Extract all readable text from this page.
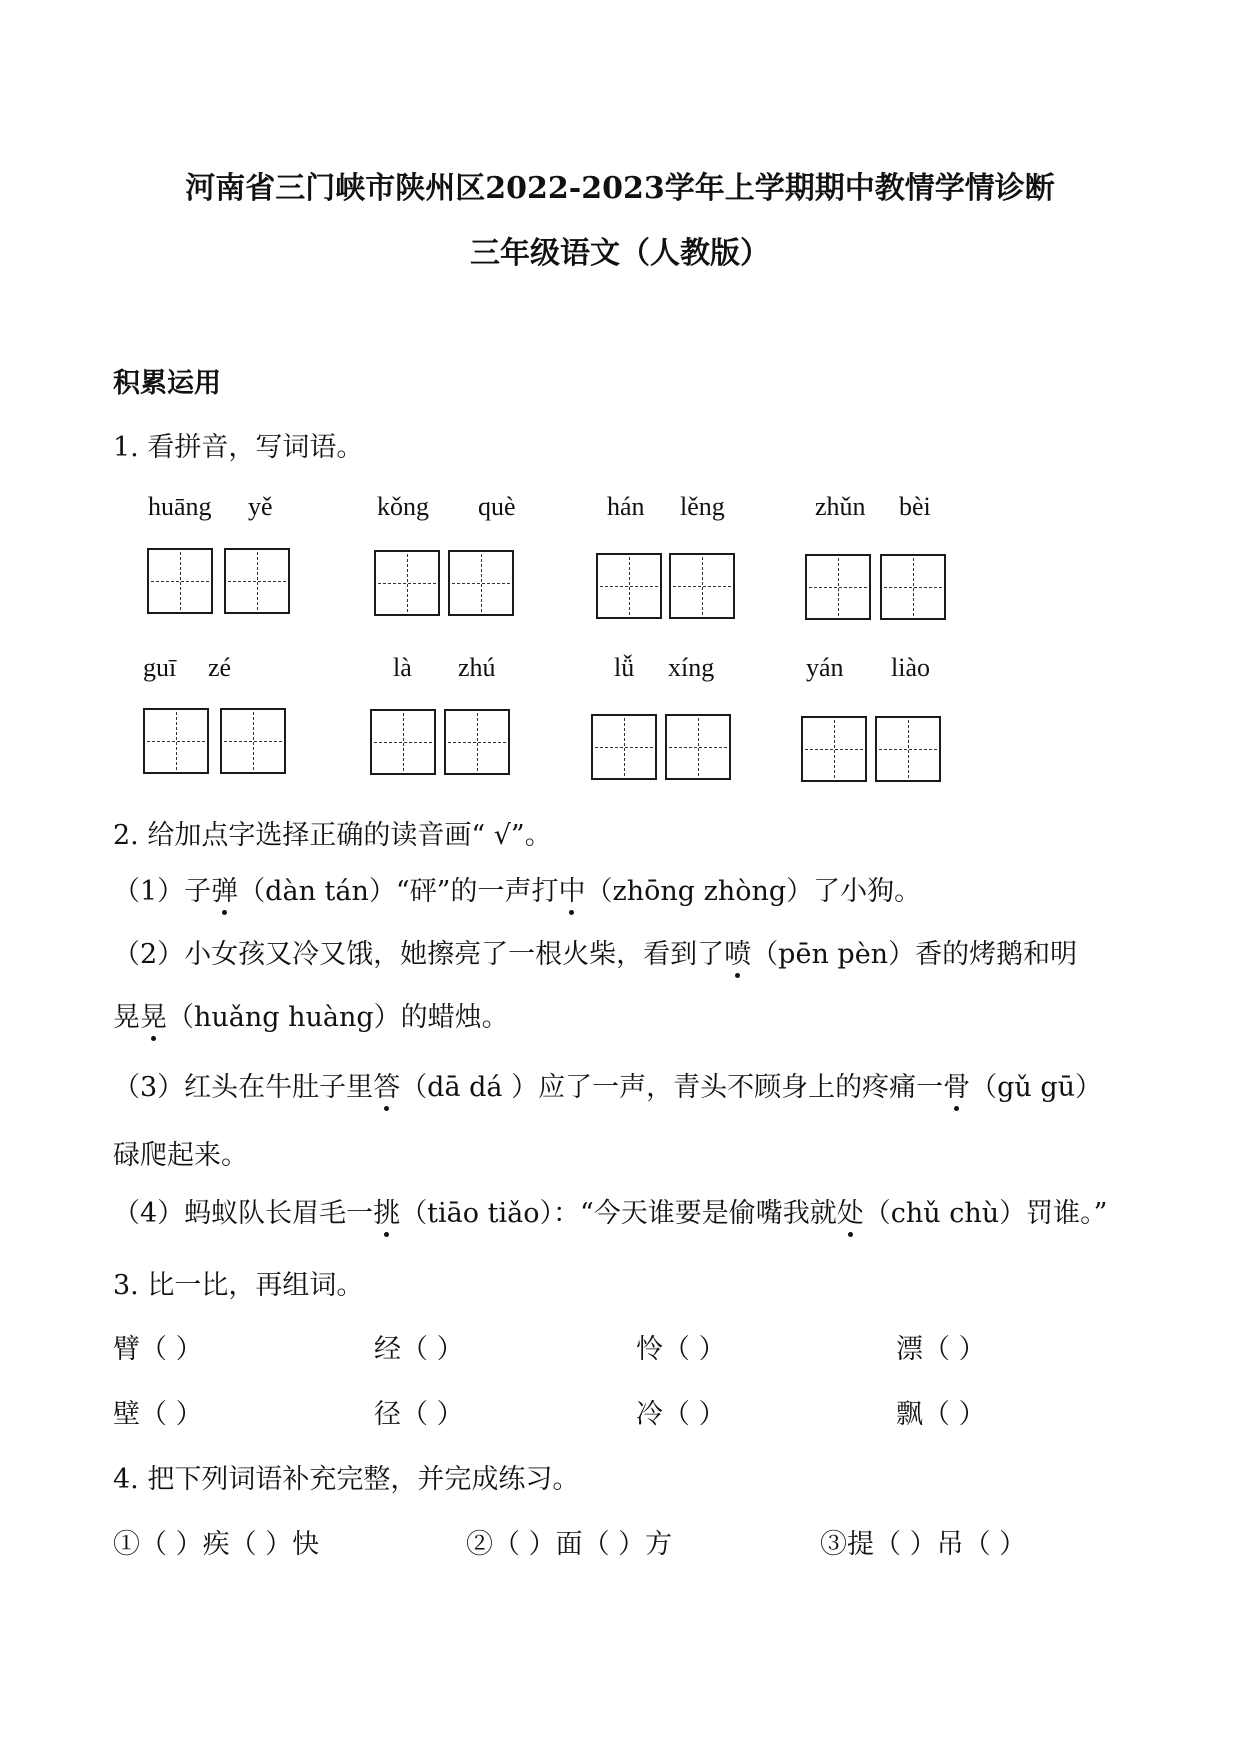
河南省三门峡市陕州区2022-2023学年上学期期中教情学情诊断
三年级语文（人教版）
积累运用
1. 看拼音，写词语。
huāng yě	kǒng què	hán lěng	zhǔn bèi
guī zé	là zhú	lǚ xíng	yán liào
2. 给加点字选择正确的读音画“ √”。
（1）子弹（dàn tán）“砰”的一声打中（zhōng zhòng）了小狗。
（2）小女孩又冷又饿，她擦亮了一根火柴，看到了喷（pēn pèn）香的烤鹅和明
晃晃（huǎng huàng）的蜡烛。
（3）红头在牛肚子里答（dā dá ）应了一声，青头不顾身上的疼痛一骨（gǔ gū）
碌爬起来。
（4）蚂蚁队长眉毛一挑（tiāo tiǎo）：“今天谁要是偷嘴我就处（chǔ chù）罚谁。”
3. 比一比，再组词。
臂（ ）	经（ ）	怜（ ）	漂（ ）
壁（ ）	径（ ）	冷（ ）	飘（ ）
4. 把下列词语补充完整，并完成练习。
①（ ）疾（ ）快	②（ ）面（ ）方	③提（ ）吊（ ）
